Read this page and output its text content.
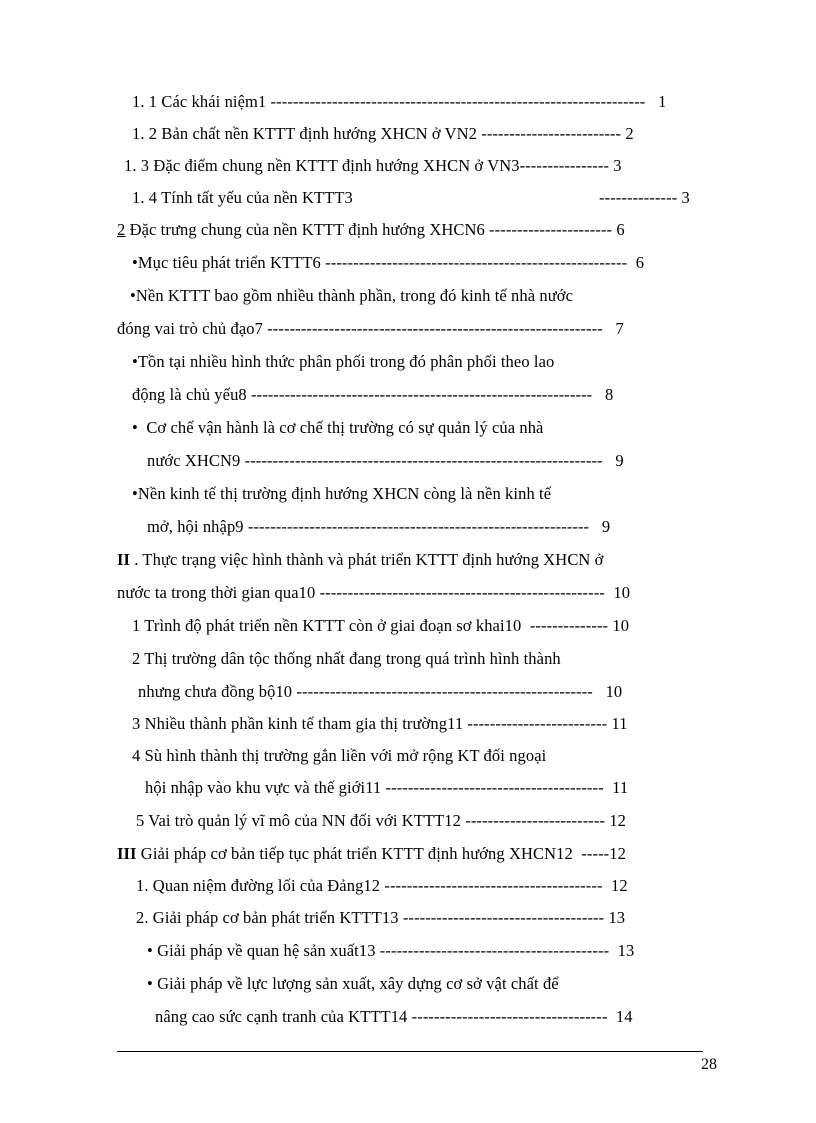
1. 1 Các khái niệm1 -------------------------------------------------------------------   1
1. 2 Bản chất nền KTTT định hướng XHCN ở VN2 ------------------------- 2
1. 3 Đặc điểm chung nền KTTT định hướng XHCN ở VN3---------------- 3
1. 4 Tính tất yếu của nền KTTT3	-------------- 3
2 Đặc trưng chung của nền KTTT định hướng XHCN6 ---------------------- 6
•Mục tiêu phát triển KTTT6 ------------------------------------------------------  6
•Nền KTTT bao gồm nhiều thành phần, trong đó kinh tế nhà nước
đóng vai trò chủ đạo7 ------------------------------------------------------------   7
•Tồn tại nhiều hình thức phân phối trong đó phân phối theo lao
động là chủ yếu8 -------------------------------------------------------------   8
•  Cơ chế vận hành là cơ chế thị trường có sự quản lý của nhà
nước XHCN9 ----------------------------------------------------------------   9
•Nền kinh tế thị trường định hướng XHCN còng là nền kinh tế
mở, hội nhập9 -------------------------------------------------------------   9
II . Thực trạng việc hình thành và phát triển KTTT định hướng XHCN ở
nước ta trong thời gian qua10 ---------------------------------------------------  10
1 Trình độ phát triển nền KTTT còn ở giai đoạn sơ khai10  -------------- 10
2 Thị trường dân tộc thống nhất đang trong quá trình hình thành
nhưng chưa đồng bộ10 -----------------------------------------------------   10
3 Nhiều thành phần kinh tế tham gia thị trường11 ------------------------- 11
4 Sù hình thành thị trường gắn liền với mở rộng KT đối ngoại
hội nhập vào khu vực và thế giới11 ---------------------------------------  11
5 Vai trò quản lý vĩ mô của NN đối với KTTT12 ------------------------- 12
III Giải pháp cơ bản tiếp tục phát triển KTTT định hướng XHCN12  -----12
1. Quan niệm đường lối của Đảng12 ---------------------------------------  12
2. Giải pháp cơ bản phát triển KTTT13 ------------------------------------ 13
• Giải pháp về quan hệ sản xuất13 -----------------------------------------  13
• Giải pháp về lực lượng sản xuất, xây dựng cơ sở vật chất để
nâng cao sức cạnh tranh của KTTT14 -----------------------------------  14
28
